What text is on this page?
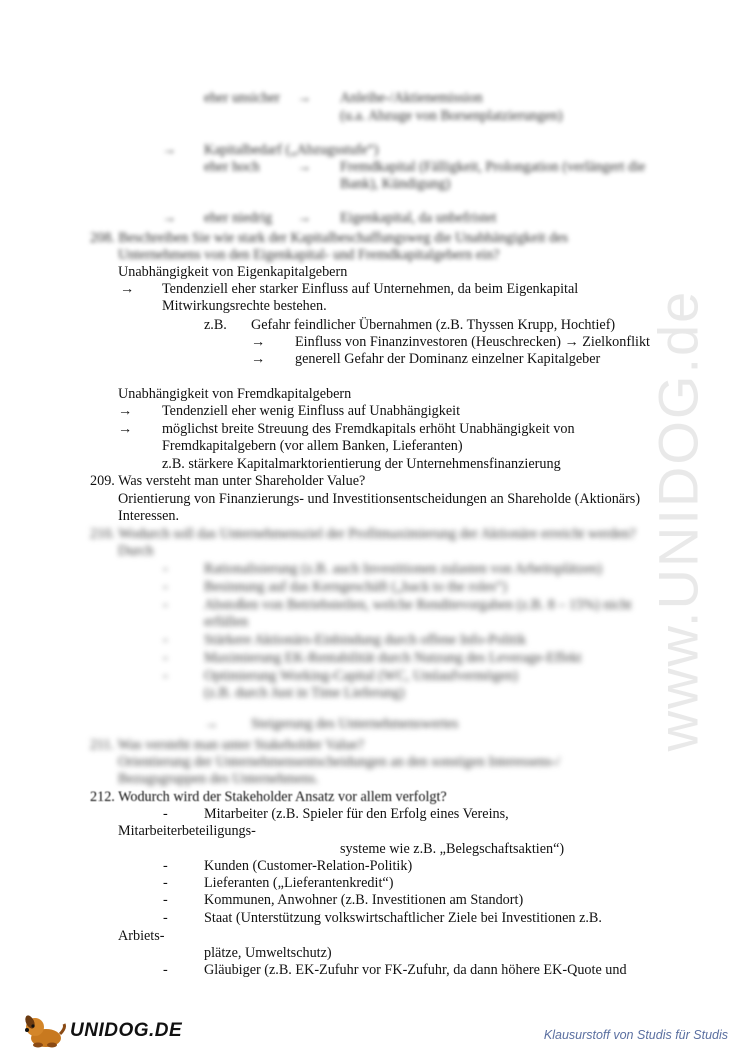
www.UNIDOG.de
eher unsicher → Anleihe-/Aktienemission
(u.a. Abzuge von Borsenplatzierungen)
→ Kapitalbedarf („Abzugsstufe“)
eher hoch	→ Fremdkapital (Fälligkeit, Prolongation (verlängert die
Bank), Kündigung)
→ eher niedrig → Eigenkapital, da unbefristet
208. Beschreiben Sie wie stark der Kapitalbeschaffungsweg die Unabhängigkeit des
Unternehmens von den Eigenkapital- und Fremdkapitalgebern ein?
Unabhängigkeit von Eigenkapitalgebern
→ Tendenziell eher starker Einfluss auf Unternehmen, da beim Eigenkapital
Mitwirkungsrechte bestehen.
z.B. Gefahr feindlicher Übernahmen (z.B. Thyssen Krupp, Hochtief)
→ Einfluss von Finanzinvestoren (Heuschrecken) → Zielkonflikt
→ generell Gefahr der Dominanz einzelner Kapitalgeber
Unabhängigkeit von Fremdkapitalgebern
→ Tendenziell eher wenig Einfluss auf Unabhängigkeit
→ möglichst breite Streuung des Fremdkapitals erhöht Unabhängigkeit von
Fremdkapitalgebern (vor allem Banken, Lieferanten)
z.B. stärkere Kapitalmarktorientierung der Unternehmensfinanzierung
209. Was versteht man unter Shareholder Value?
Orientierung von Finanzierungs- und Investitionsentscheidungen an Shareholde (Aktionärs)
Interessen.
210. Wodurch soll das Unternehmensziel der Profitmaximierung der Aktionäre erreicht werden?
Durch
-	Rationalisierung (z.B. auch Investitionen zulasten von Arbeitsplätzen)
-	Besinnung auf das Kerngeschäft („back to the roles“)
-	Abstoßen von Betriebsteilen, welche Renditevorgaben (z.B. 8 – 15%) nicht
erfüllen
-	Stärkere Aktionärs-Einbindung durch offene Info-Politik
-	Maximierung EK-Rentabilität durch Nutzung des Leverage-Effekt
-	Optimierung Working-Capital (WC, Umlaufvermögen)
(z.B. durch Just in Time Lieferung)
→ Steigerung des Unternehmenswertes
211. Was versteht man unter Stakeholder Value?
Orientierung der Unternehmensentscheidungen an den sonstigen Interessens-/
Bezugsgruppen des Unternehmens.
212. Wodurch wird der Stakeholder Ansatz vor allem verfolgt?
-	Mitarbeiter (z.B. Spieler für den Erfolg eines Vereins,
Mitarbeiterbeteiligungs-
systeme wie z.B. „Belegschaftsaktien“)
-	Kunden (Customer-Relation-Politik)
-	Lieferanten („Lieferantenkredit“)
-	Kommunen, Anwohner (z.B. Investitionen am Standort)
-	Staat (Unterstützung volkswirtschaftlicher Ziele bei Investitionen z.B.
Arbiets-
plätze, Umweltschutz)
-	Gläubiger (z.B. EK-Zufuhr vor FK-Zufuhr, da dann höhere EK-Quote und
UNIDOG.DE	Klausurstoff von Studis für Studis
